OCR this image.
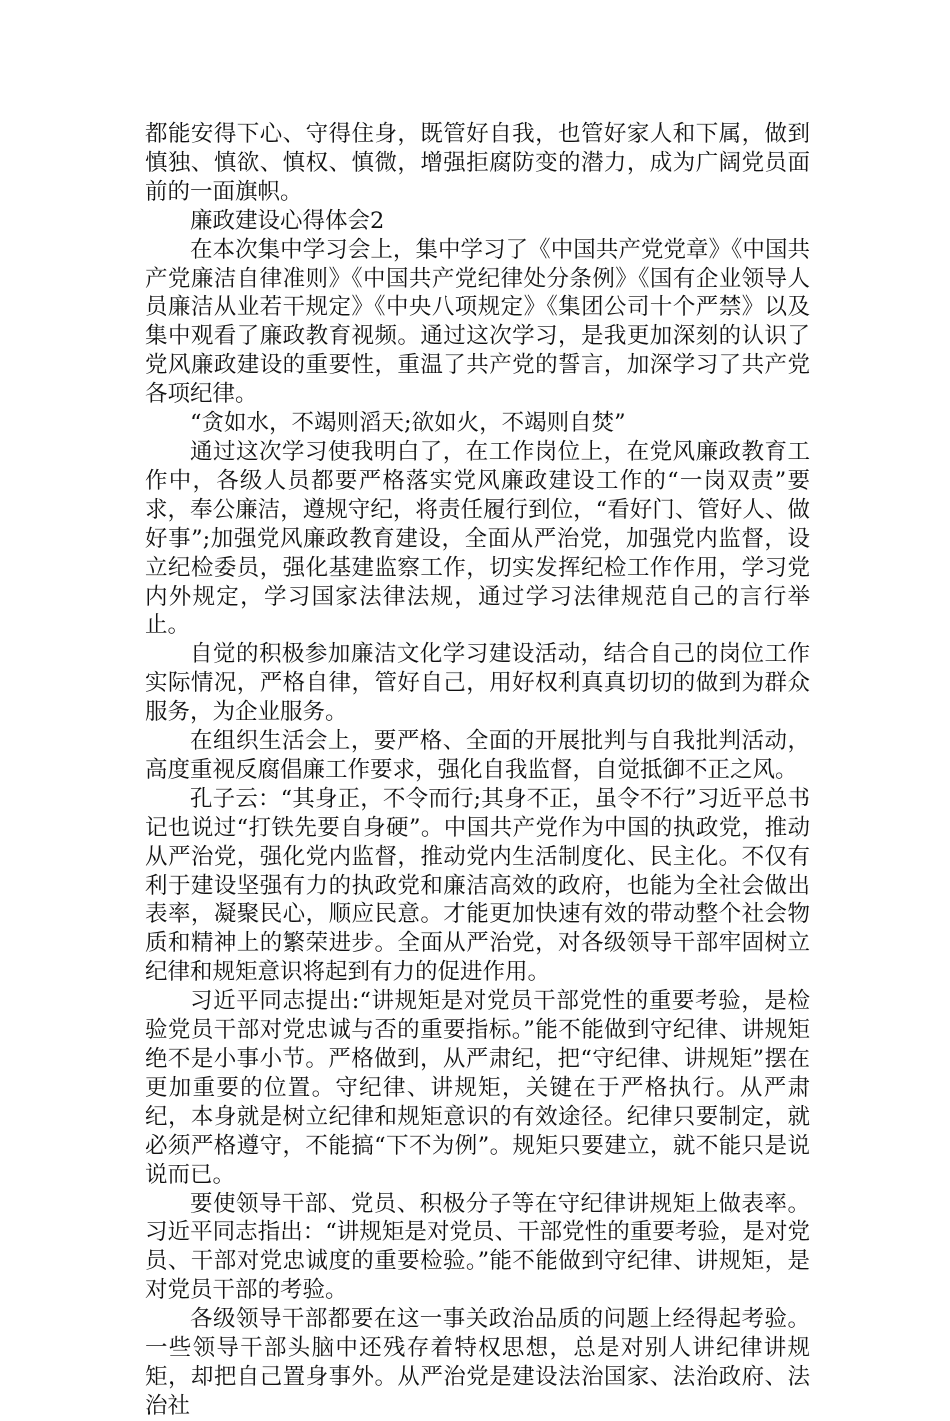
都能安得下心、守得住身，既管好自我，也管好家人和下属，做到慎独、慎欲、慎权、慎微，增强拒腐防变的潜力，成为广阔党员面前的一面旗帜。

廉政建设心得体会2

在本次集中学习会上，集中学习了《中国共产党党章》《中国共产党廉洁自律准则》《中国共产党纪律处分条例》《国有企业领导人员廉洁从业若干规定》《中央八项规定》《集团公司十个严禁》以及集中观看了廉政教育视频。通过这次学习，是我更加深刻的认识了党风廉政建设的重要性，重温了共产党的誓言，加深学习了共产党各项纪律。

“贪如水，不竭则滔天;欲如火，不竭则自焚”

通过这次学习使我明白了，在工作岗位上，在党风廉政教育工作中，各级人员都要严格落实党风廉政建设工作的“一岗双责”要求，奉公廉洁，遵规守纪，将责任履行到位，“看好门、管好人、做好事”;加强党风廉政教育建设，全面从严治党，加强党内监督，设立纪检委员，强化基建监察工作，切实发挥纪检工作作用，学习党内外规定，学习国家法律法规，通过学习法律规范自己的言行举止。

自觉的积极参加廉洁文化学习建设活动，结合自己的岗位工作实际情况，严格自律，管好自己，用好权利真真切切的做到为群众服务，为企业服务。

在组织生活会上，要严格、全面的开展批判与自我批判活动，高度重视反腐倡廉工作要求，强化自我监督，自觉抵御不正之风。

孔子云：“其身正，不令而行;其身不正，虽令不行”习近平总书记也说过“打铁先要自身硬”。中国共产党作为中国的执政党，推动从严治党，强化党内监督，推动党内生活制度化、民主化。不仅有利于建设坚强有力的执政党和廉洁高效的政府，也能为全社会做出表率，凝聚民心，顺应民意。才能更加快速有效的带动整个社会物质和精神上的繁荣进步。全面从严治党，对各级领导干部牢固树立纪律和规矩意识将起到有力的促进作用。

习近平同志提出:“讲规矩是对党员干部党性的重要考验，是检验党员干部对党忠诚与否的重要指标。”能不能做到守纪律、讲规矩绝不是小事小节。严格做到，从严肃纪，把“守纪律、讲规矩”摆在更加重要的位置。守纪律、讲规矩，关键在于严格执行。从严肃纪，本身就是树立纪律和规矩意识的有效途径。纪律只要制定，就必须严格遵守，不能搞“下不为例”。规矩只要建立，就不能只是说说而已。

要使领导干部、党员、积极分子等在守纪律讲规矩上做表率。习近平同志指出：“讲规矩是对党员、干部党性的重要考验，是对党员、干部对党忠诚度的重要检验。”能不能做到守纪律、讲规矩，是对党员干部的考验。

各级领导干部都要在这一事关政治品质的问题上经得起考验。一些领导干部头脑中还残存着特权思想，总是对别人讲纪律讲规矩，却把自己置身事外。从严治党是建设法治国家、法治政府、法治社
